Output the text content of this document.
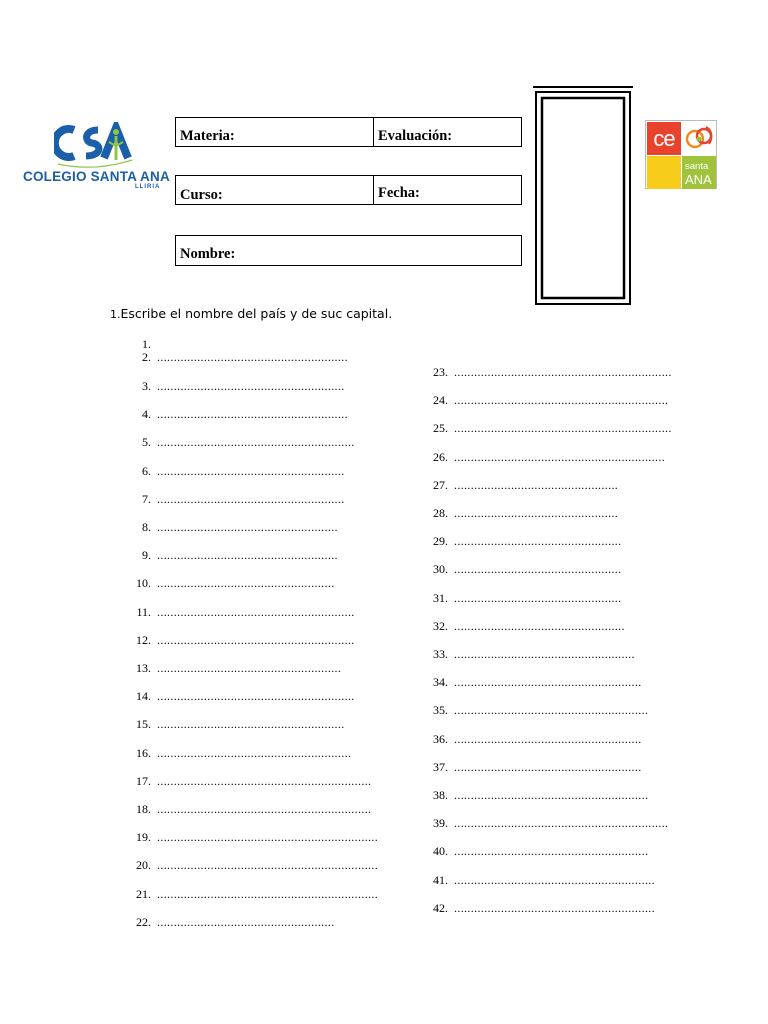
COLEGIO SANTA ANA
LLIRIA
Materia:	Evaluación:
Curso:	Fecha:
Nombre:
ce
santa
ANA
1.Escribe el nombre del país y de suc capital.
1.
2. .........................................................
3. ........................................................
4. .........................................................
5. ...........................................................
6. ........................................................
7. ........................................................
8. ......................................................
9. ......................................................
10. .....................................................
11. ...........................................................
12. ...........................................................
13. .......................................................
14. ...........................................................
15. ........................................................
16. ..........................................................
17. ................................................................
18. ................................................................
19. ..................................................................
20. ..................................................................
21. ..................................................................
22. .....................................................
23. .................................................................
24. ................................................................
25. .................................................................
26. ...............................................................
27. .................................................
28. .................................................
29. ..................................................
30. ..................................................
31. ..................................................
32. ...................................................
33. ......................................................
34. ........................................................
35. ..........................................................
36. ........................................................
37. ........................................................
38. ..........................................................
39. ................................................................
40. ..........................................................
41. ............................................................
42. ............................................................
